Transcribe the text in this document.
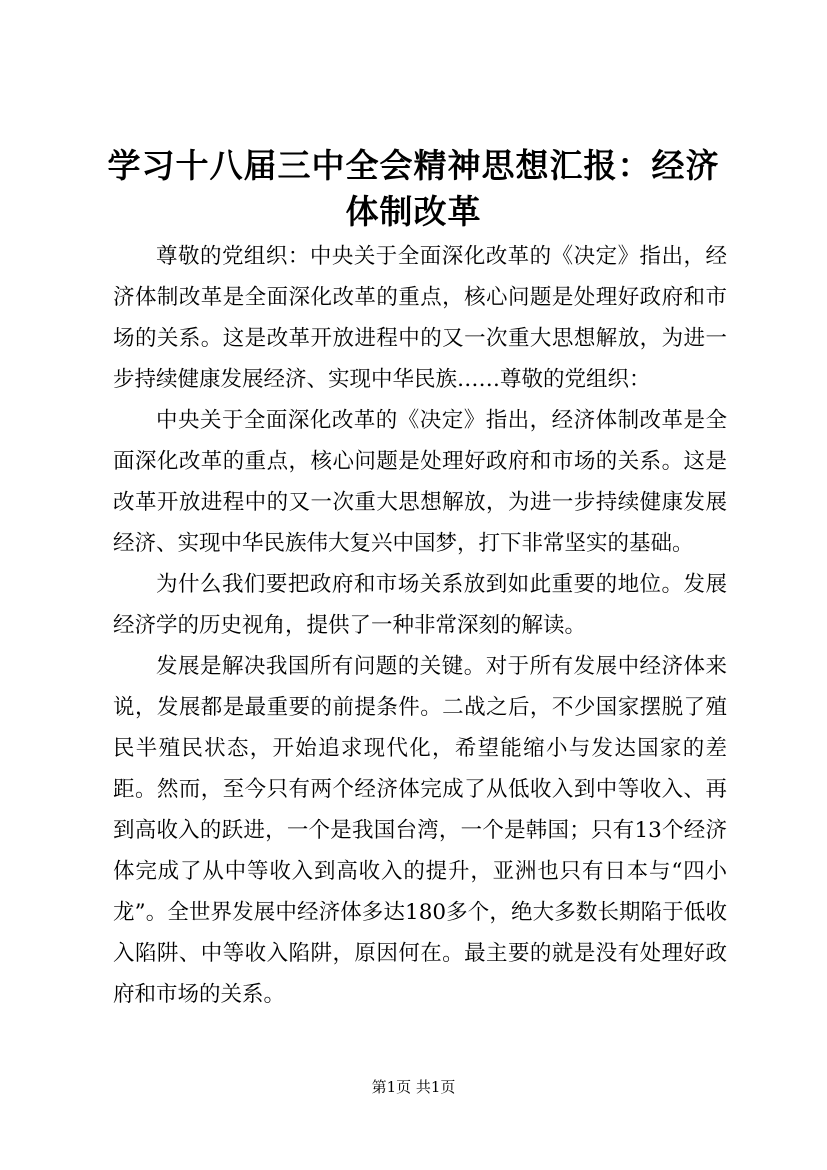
学习十八届三中全会精神思想汇报：经济体制改革

尊敬的党组织：中央关于全面深化改革的《决定》指出，经济体制改革是全面深化改革的重点，核心问题是处理好政府和市场的关系。这是改革开放进程中的又一次重大思想解放，为进一步持续健康发展经济、实现中华民族……尊敬的党组织：

中央关于全面深化改革的《决定》指出，经济体制改革是全面深化改革的重点，核心问题是处理好政府和市场的关系。这是改革开放进程中的又一次重大思想解放，为进一步持续健康发展经济、实现中华民族伟大复兴中国梦，打下非常坚实的基础。

为什么我们要把政府和市场关系放到如此重要的地位。发展经济学的历史视角，提供了一种非常深刻的解读。

发展是解决我国所有问题的关键。对于所有发展中经济体来说，发展都是最重要的前提条件。二战之后，不少国家摆脱了殖民半殖民状态，开始追求现代化，希望能缩小与发达国家的差距。然而，至今只有两个经济体完成了从低收入到中等收入、再到高收入的跃进，一个是我国台湾，一个是韩国；只有13个经济体完成了从中等收入到高收入的提升，亚洲也只有日本与“四小龙”。全世界发展中经济体多达180多个，绝大多数长期陷于低收入陷阱、中等收入陷阱，原因何在。最主要的就是没有处理好政府和市场的关系。

第1页 共1页
